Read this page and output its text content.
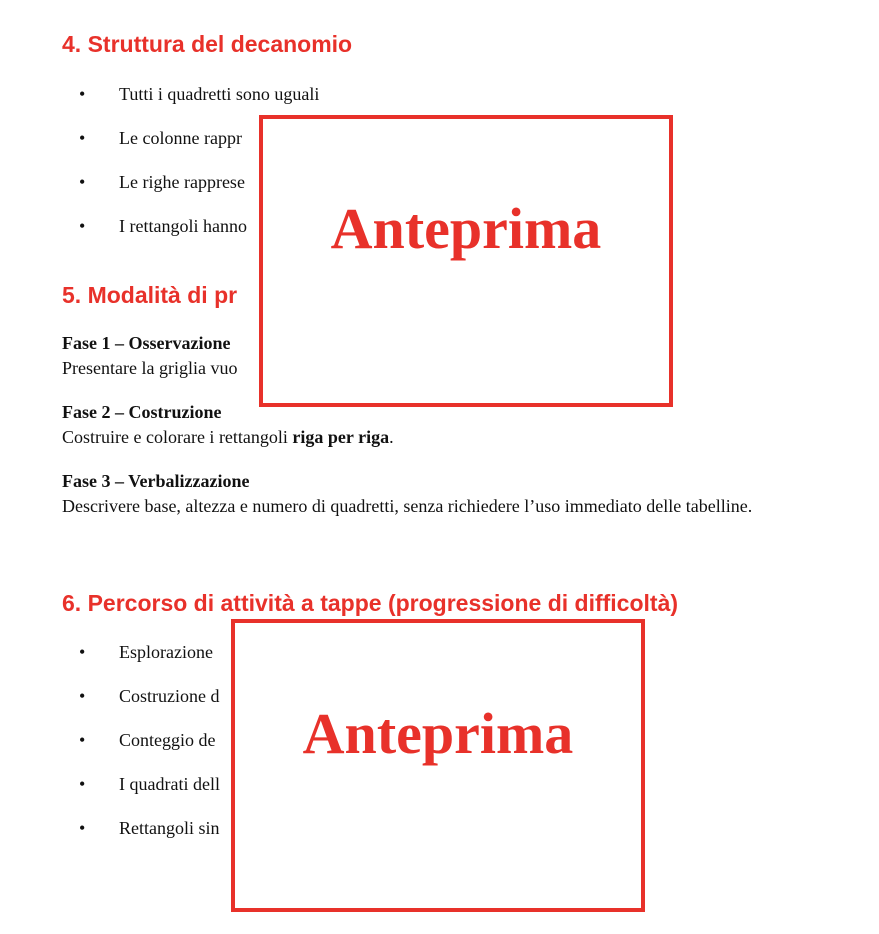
4. Struttura del decanomio
• Tutti i quadretti sono uguali
• Le colonne rappr
• Le righe rapprese
• I rettangoli hanno
5. Modalità di pr
Fase 1 – Osservazione
Presentare la griglia vuo
Fase 2 – Costruzione
Costruire e colorare i rettangoli riga per riga.
Fase 3 – Verbalizzazione
Descrivere base, altezza e numero di quadretti, senza richiedere l’uso immediato delle tabelline.
6. Percorso di attività a tappe (progressione di difficoltà)
• Esplorazione
• Costruzione d
• Conteggio de
• I quadrati dell
• Rettangoli sin
Anteprima
Anteprima
